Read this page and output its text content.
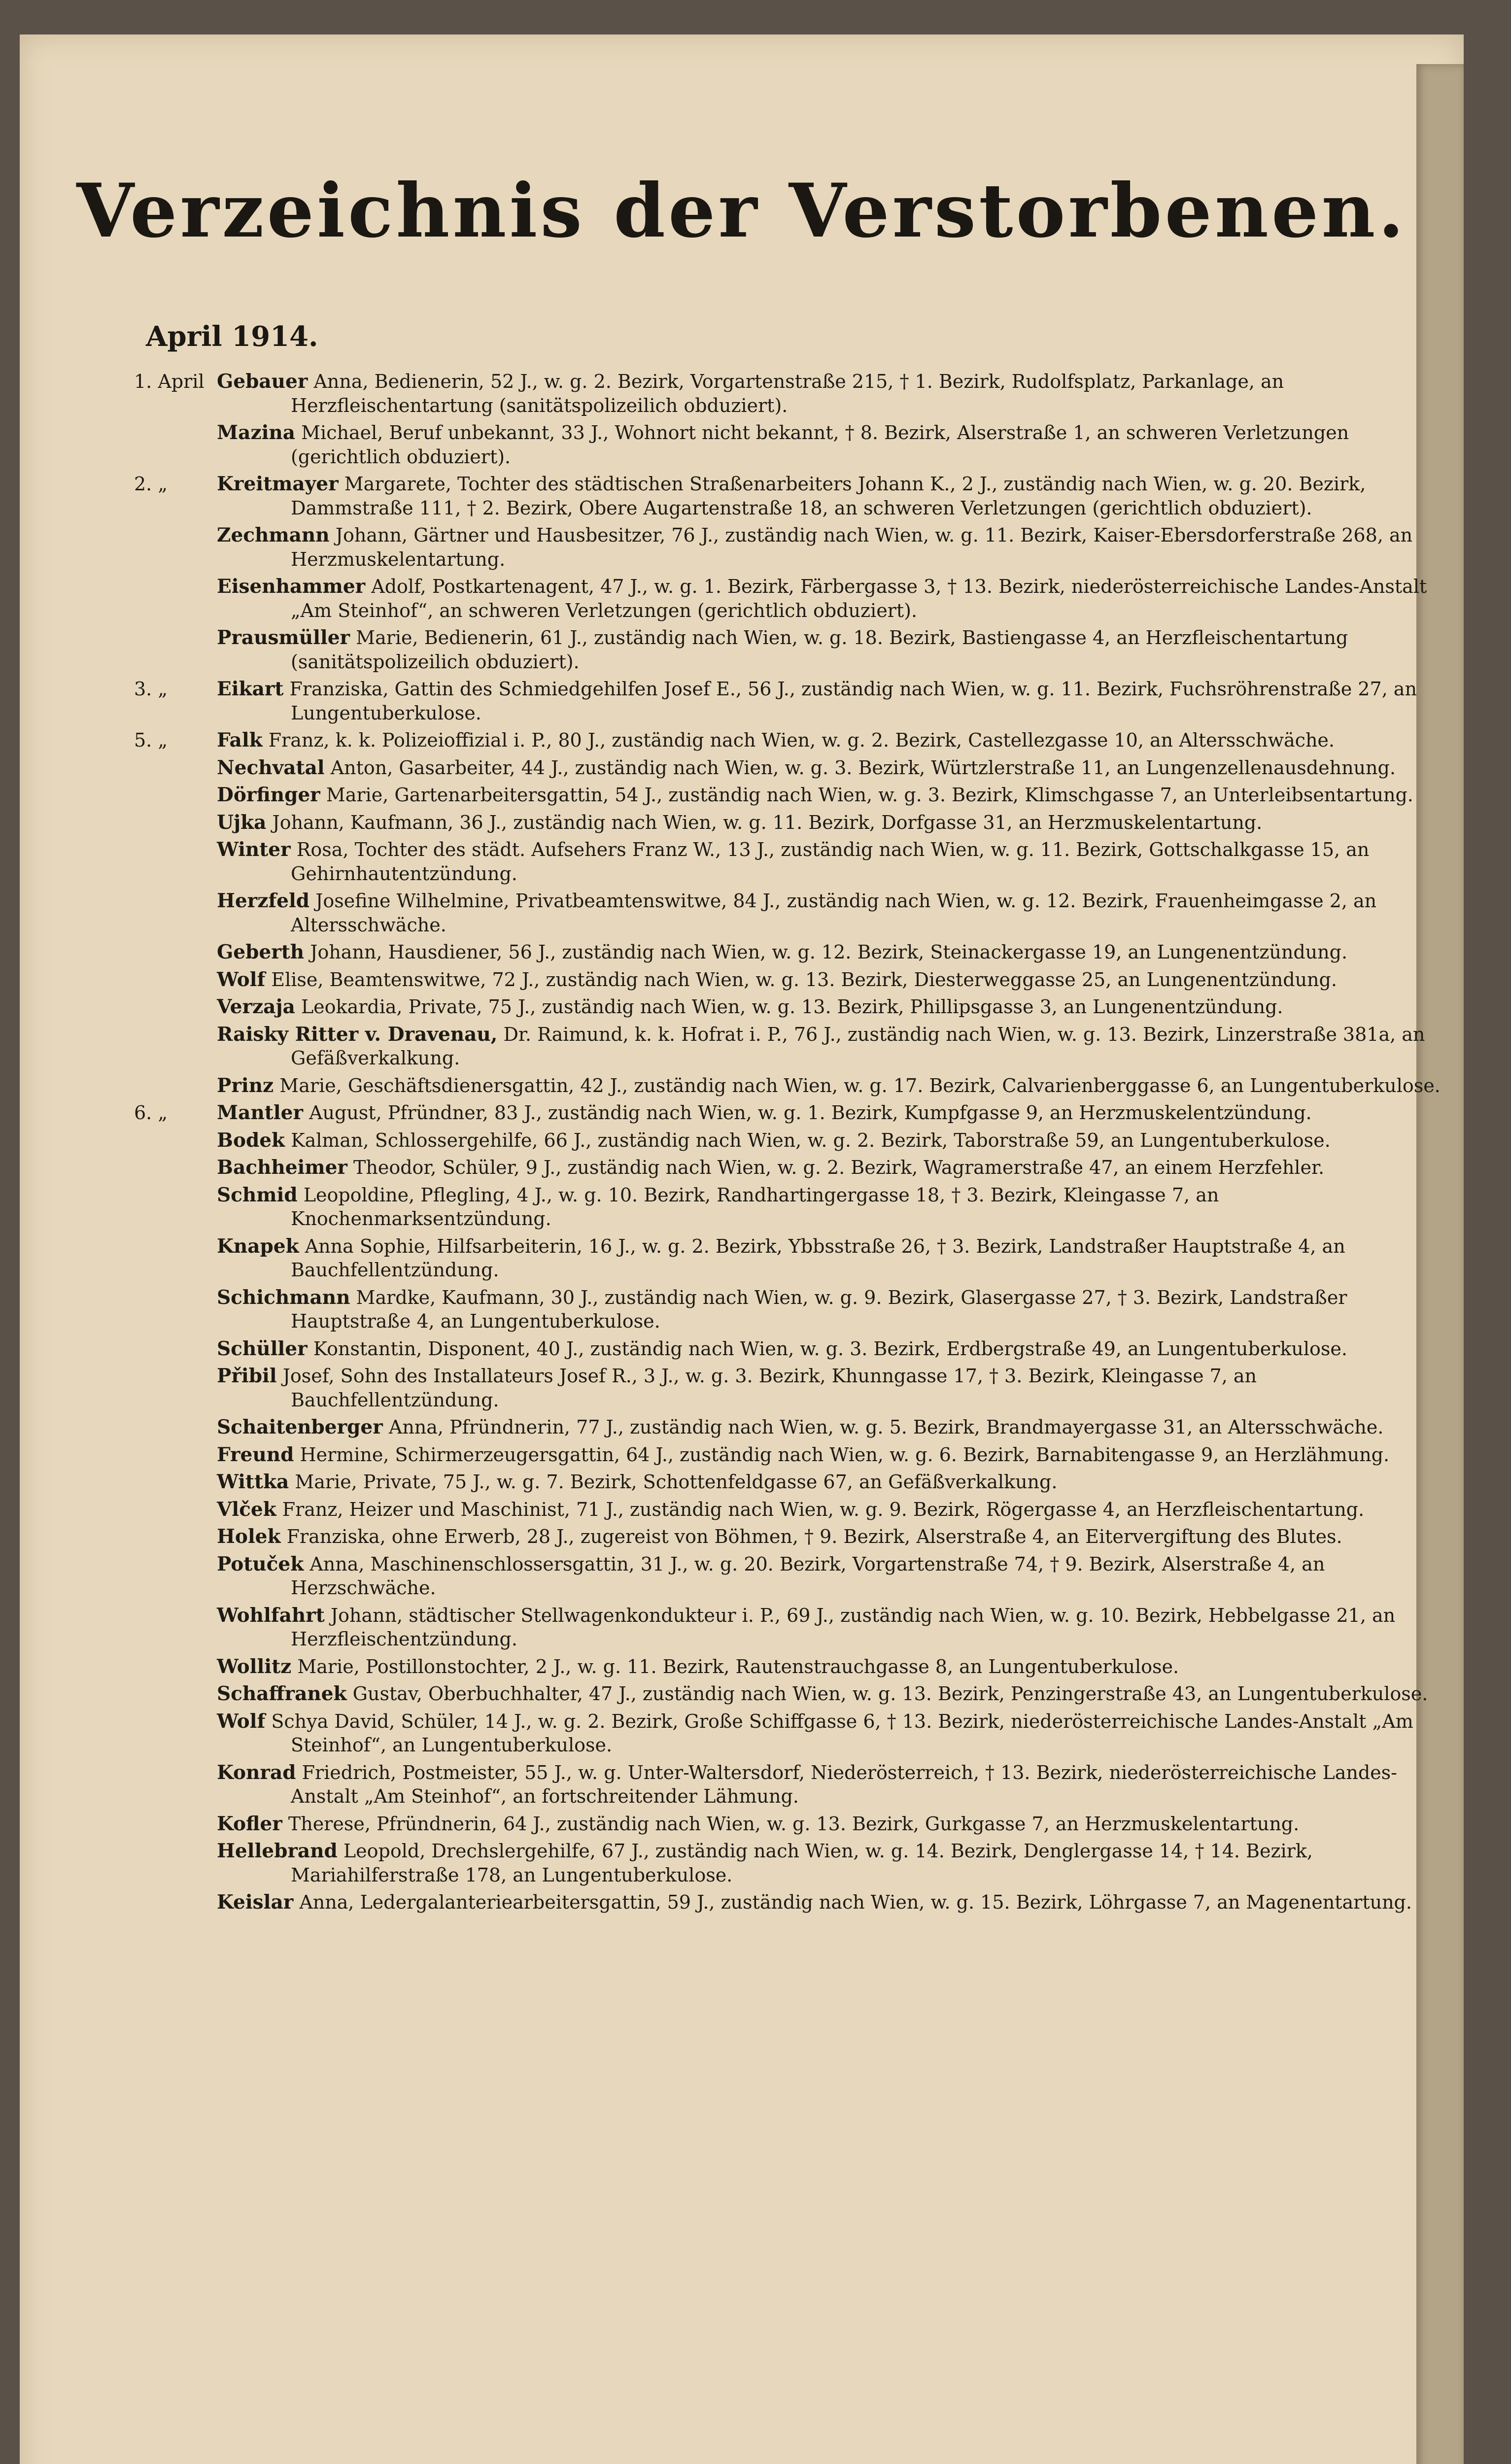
Verzeichnis der Verstorbenen.
April 1914.
1. April Gebauer Anna, Bedienerin, 52 J., w. g. 2. Bezirk, Vorgartenstraße 215, † 1. Bezirk, Rudolfsplatz, Parkanlage, an Herzfleischentartung (sanitätspolizeilich obduziert).
Mazina Michael, Beruf unbekannt, 33 J., Wohnort nicht bekannt, † 8. Bezirk, Alserstraße 1, an schweren Verletzungen (gerichtlich obduziert).
2. „	Kreitmayer Margarete, Tochter des städtischen Straßenarbeiters Johann K., 2 J., zuständig nach Wien, w. g. 20. Bezirk, Dammstraße 111, † 2. Bezirk, Obere Augartenstraße 18, an schweren Verletzungen (gerichtlich obduziert).
Zechmann Johann, Gärtner und Hausbesitzer, 76 J., zuständig nach Wien, w. g. 11. Bezirk, Kaiser-Ebersdorferstraße 268, an Herzmuskelentartung.
Eisenhammer Adolf, Postkartenagent, 47 J., w. g. 1. Bezirk, Färbergasse 3, † 13. Bezirk, niederösterreichische Landes-Anstalt „Am Steinhof“, an schweren Verletzungen (gerichtlich obduziert).
Prausmüller Marie, Bedienerin, 61 J., zuständig nach Wien, w. g. 18. Bezirk, Bastiengasse 4, an Herzfleischentartung (sanitätspolizeilich obduziert).
3. „	Eikart Franziska, Gattin des Schmiedgehilfen Josef E., 56 J., zuständig nach Wien, w. g. 11. Bezirk, Fuchsröhrenstraße 27, an Lungentuberkulose.
5. „	Falk Franz, k. k. Polizeioffizial i. P., 80 J., zuständig nach Wien, w. g. 2. Bezirk, Castellezgasse 10, an Altersschwäche.
Nechvatal Anton, Gasarbeiter, 44 J., zuständig nach Wien, w. g. 3. Bezirk, Würtzlerstraße 11, an Lungenzellenausdehnung.
Dörfinger Marie, Gartenarbeitersgattin, 54 J., zuständig nach Wien, w. g. 3. Bezirk, Klimschgasse 7, an Unterleibsentartung.
Ujka Johann, Kaufmann, 36 J., zuständig nach Wien, w. g. 11. Bezirk, Dorfgasse 31, an Herzmuskelentartung.
Winter Rosa, Tochter des städt. Aufsehers Franz W., 13 J., zuständig nach Wien, w. g. 11. Bezirk, Gottschalkgasse 15, an Gehirnhautentzündung.
Herzfeld Josefine Wilhelmine, Privatbeamtenswitwe, 84 J., zuständig nach Wien, w. g. 12. Bezirk, Frauenheimgasse 2, an Altersschwäche.
Geberth Johann, Hausdiener, 56 J., zuständig nach Wien, w. g. 12. Bezirk, Steinackergasse 19, an Lungenentzündung.
Wolf Elise, Beamtenswitwe, 72 J., zuständig nach Wien, w. g. 13. Bezirk, Diesterweggasse 25, an Lungenentzündung.
Verzaja Leokardia, Private, 75 J., zuständig nach Wien, w. g. 13. Bezirk, Phillipsgasse 3, an Lungenentzündung.
Raisky Ritter v. Dravenau, Dr. Raimund, k. k. Hofrat i. P., 76 J., zuständig nach Wien, w. g. 13. Bezirk, Linzerstraße 381a, an Gefäßverkalkung.
Prinz Marie, Geschäftsdienersgattin, 42 J., zuständig nach Wien, w. g. 17. Bezirk, Calvarienberggasse 6, an Lungentuberkulose.
6. „	Mantler August, Pfründner, 83 J., zuständig nach Wien, w. g. 1. Bezirk, Kumpfgasse 9, an Herzmuskelentzündung.
Bodek Kalman, Schlossergehilfe, 66 J., zuständig nach Wien, w. g. 2. Bezirk, Taborstraße 59, an Lungentuberkulose.
Bachheimer Theodor, Schüler, 9 J., zuständig nach Wien, w. g. 2. Bezirk, Wagramerstraße 47, an einem Herzfehler.
Schmid Leopoldine, Pflegling, 4 J., w. g. 10. Bezirk, Randhartingergasse 18, † 3. Bezirk, Kleingasse 7, an Knochenmarksentzündung.
Knapek Anna Sophie, Hilfsarbeiterin, 16 J., w. g. 2. Bezirk, Ybbsstraße 26, † 3. Bezirk, Landstraßer Hauptstraße 4, an Bauchfellentzündung.
Schichmann Mardke, Kaufmann, 30 J., zuständig nach Wien, w. g. 9. Bezirk, Glasergasse 27, † 3. Bezirk, Landstraßer Hauptstraße 4, an Lungentuberkulose.
Schüller Konstantin, Disponent, 40 J., zuständig nach Wien, w. g. 3. Bezirk, Erdbergstraße 49, an Lungentuberkulose.
Přibil Josef, Sohn des Installateurs Josef R., 3 J., w. g. 3. Bezirk, Khunngasse 17, † 3. Bezirk, Kleingasse 7, an Bauchfellentzündung.
Schaitenberger Anna, Pfründnerin, 77 J., zuständig nach Wien, w. g. 5. Bezirk, Brandmayergasse 31, an Altersschwäche.
Freund Hermine, Schirmerzeugersgattin, 64 J., zuständig nach Wien, w. g. 6. Bezirk, Barnabitengasse 9, an Herzlähmung.
Wittka Marie, Private, 75 J., w. g. 7. Bezirk, Schottenfeldgasse 67, an Gefäßverkalkung.
Vlček Franz, Heizer und Maschinist, 71 J., zuständig nach Wien, w. g. 9. Bezirk, Rögergasse 4, an Herzfleischentartung.
Holek Franziska, ohne Erwerb, 28 J., zugereist von Böhmen, † 9. Bezirk, Alserstraße 4, an Eitervergiftung des Blutes.
Potuček Anna, Maschinenschlossersgattin, 31 J., w. g. 20. Bezirk, Vorgartenstraße 74, † 9. Bezirk, Alserstraße 4, an Herzschwäche.
Wohlfahrt Johann, städtischer Stellwagenkondukteur i. P., 69 J., zuständig nach Wien, w. g. 10. Bezirk, Hebbelgasse 21, an Herzfleischentzündung.
Wollitz Marie, Postillonstochter, 2 J., w. g. 11. Bezirk, Rautenstrauchgasse 8, an Lungentuberkulose.
Schaffranek Gustav, Oberbuchhalter, 47 J., zuständig nach Wien, w. g. 13. Bezirk, Penzingerstraße 43, an Lungentuberkulose.
Wolf Schya David, Schüler, 14 J., w. g. 2. Bezirk, Große Schiffgasse 6, † 13. Bezirk, niederösterreichische Landes-Anstalt „Am Steinhof“, an Lungentuberkulose.
Konrad Friedrich, Postmeister, 55 J., w. g. Unter-Waltersdorf, Niederösterreich, † 13. Bezirk, niederösterreichische Landes-Anstalt „Am Steinhof“, an fortschreitender Lähmung.
Kofler Therese, Pfründnerin, 64 J., zuständig nach Wien, w. g. 13. Bezirk, Gurkgasse 7, an Herzmuskelentartung.
Hellebrand Leopold, Drechslergehilfe, 67 J., zuständig nach Wien, w. g. 14. Bezirk, Denglergasse 14, † 14. Bezirk, Mariahilferstraße 178, an Lungentuberkulose.
Keislar Anna, Ledergalanteriearbeitersgattin, 59 J., zuständig nach Wien, w. g. 15. Bezirk, Löhrgasse 7, an Magenentartung.
